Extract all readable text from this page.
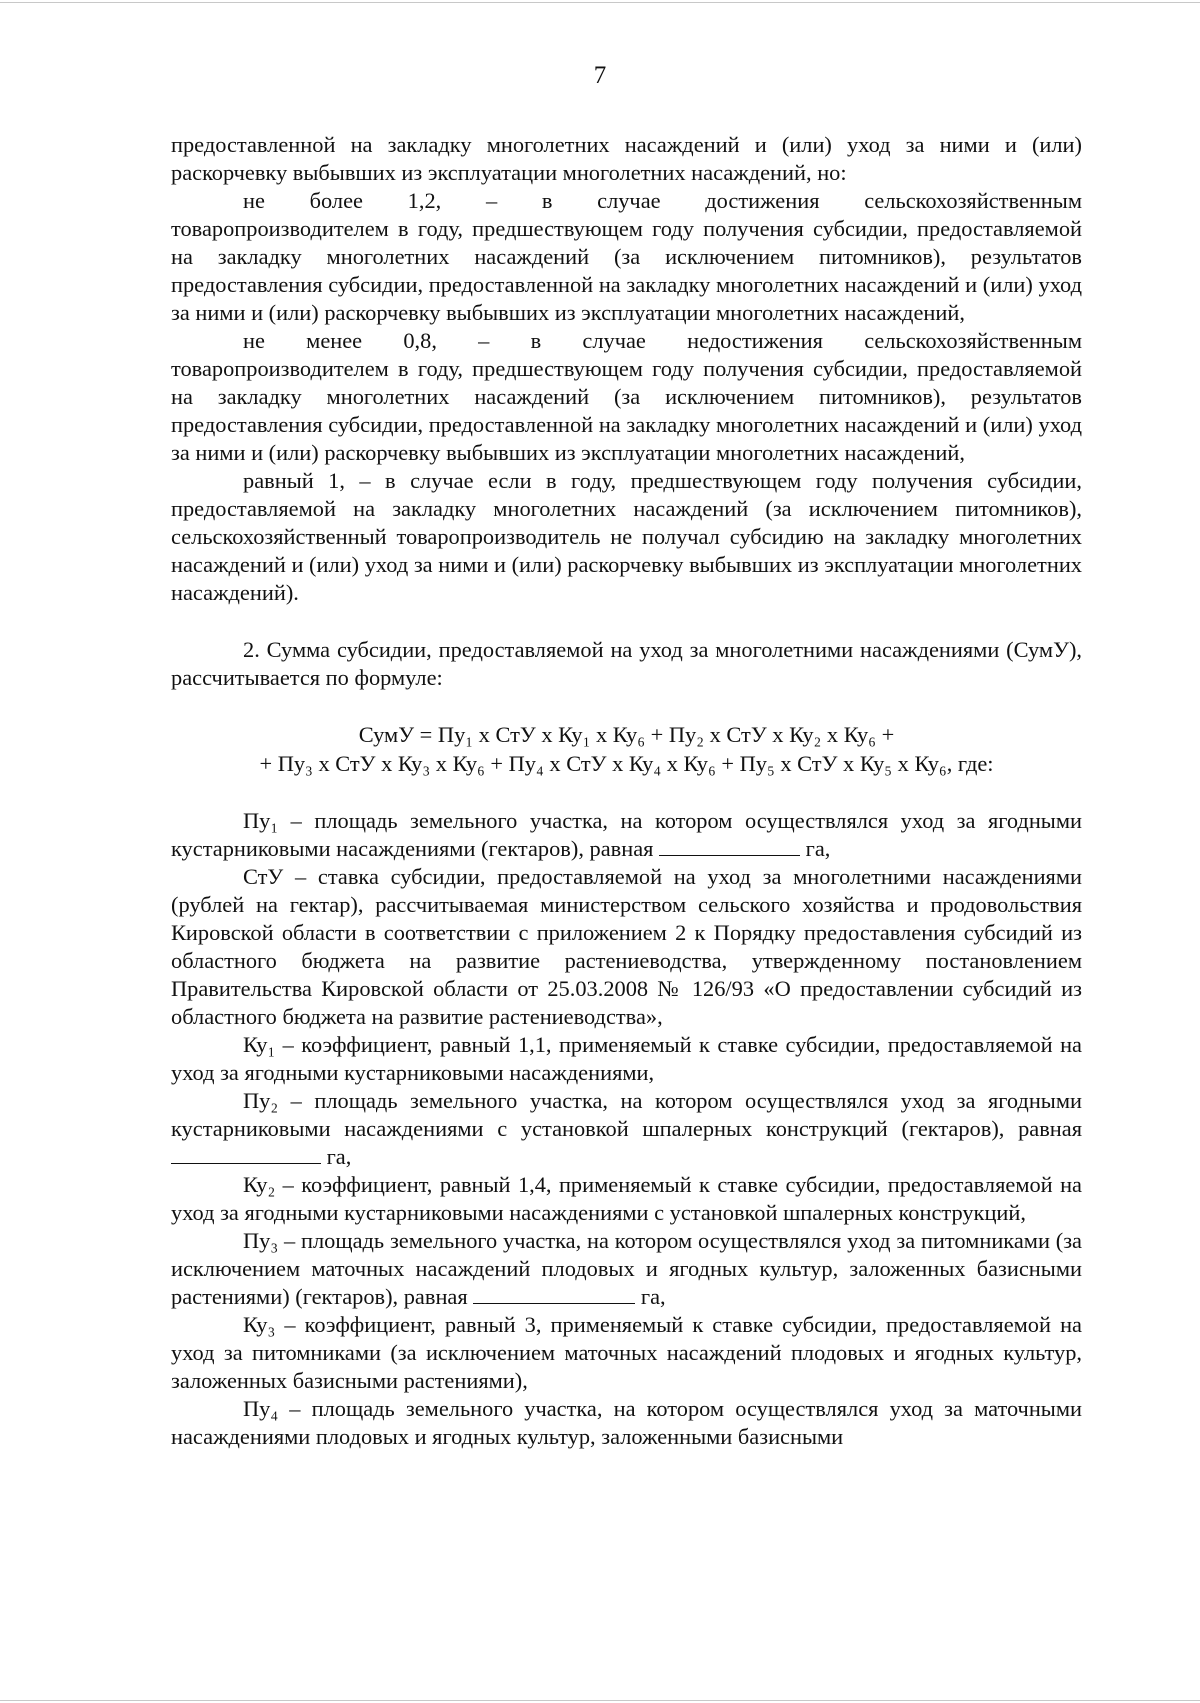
7

предоставленной на закладку многолетних насаждений и (или) уход за ними и (или) раскорчевку выбывших из эксплуатации многолетних насаждений, но:

не более 1,2, – в случае достижения сельскохозяйственным

товаропроизводителем в году, предшествующем году получения субсидии, предоставляемой на закладку многолетних насаждений (за исключением питомников), результатов предоставления субсидии, предоставленной на закладку многолетних насаждений и (или) уход за ними и (или) раскорчевку выбывших из эксплуатации многолетних насаждений,

не менее 0,8, – в случае недостижения сельскохозяйственным

товаропроизводителем в году, предшествующем году получения субсидии, предоставляемой на закладку многолетних насаждений (за исключением питомников), результатов предоставления субсидии, предоставленной на закладку многолетних насаждений и (или) уход за ними и (или) раскорчевку выбывших из эксплуатации многолетних насаждений,

равный 1, – в случае если в году, предшествующем году получения субсидии, предоставляемой на закладку многолетних насаждений (за исключением питомников), сельскохозяйственный товаропроизводитель не получал субсидию на закладку многолетних насаждений и (или) уход за ними и (или) раскорчевку выбывших из эксплуатации многолетних насаждений).

2. Сумма субсидии, предоставляемой на уход за многолетними насаждениями (СумУ), рассчитывается по формуле:

СумУ = Пу₁ х СтУ х Ку₁ х Ку₆ + Пу₂ х СтУ х Ку₂ х Ку₆ +
+ Пу₃ х СтУ х Ку₃ х Ку₆ + Пу₄ х СтУ х Ку₄ х Ку₆ + Пу₅ х СтУ х Ку₅ х Ку₆, где:

Пу₁ – площадь земельного участка, на котором осуществлялся уход за ягодными кустарниковыми насаждениями (гектаров), равная	га,

СтУ – ставка субсидии, предоставляемой на уход за многолетними насаждениями (рублей на гектар), рассчитываемая министерством сельского хозяйства и продовольствия Кировской области в соответствии с приложением 2 к Порядку предоставления субсидий из областного бюджета на развитие растениеводства, утвержденному постановлением Правительства Кировской области от 25.03.2008 № 126/93 «О предоставлении субсидий из областного бюджета на развитие растениеводства»,

Ку₁ – коэффициент, равный 1,1, применяемый к ставке субсидии, предоставляемой на уход за ягодными кустарниковыми насаждениями,

Пу₂ – площадь земельного участка, на котором осуществлялся уход за ягодными кустарниковыми насаждениями с установкой шпалерных конструкций (гектаров), равная  га,

Ку₂ – коэффициент, равный 1,4, применяемый к ставке субсидии, предоставляемой на уход за ягодными кустарниковыми насаждениями с установкой шпалерных конструкций,

Пу₃ – площадь земельного участка, на котором осуществлялся уход за питомниками (за исключением маточных насаждений плодовых и ягодных культур, заложенных базисными растениями) (гектаров), равная	га,

Ку₃ – коэффициент, равный 3, применяемый к ставке субсидии, предоставляемой на уход за питомниками (за исключением маточных насаждений плодовых и ягодных культур, заложенных базисными растениями),

Пу₄ – площадь земельного участка, на котором осуществлялся уход за маточными насаждениями плодовых и ягодных культур, заложенными базисными
